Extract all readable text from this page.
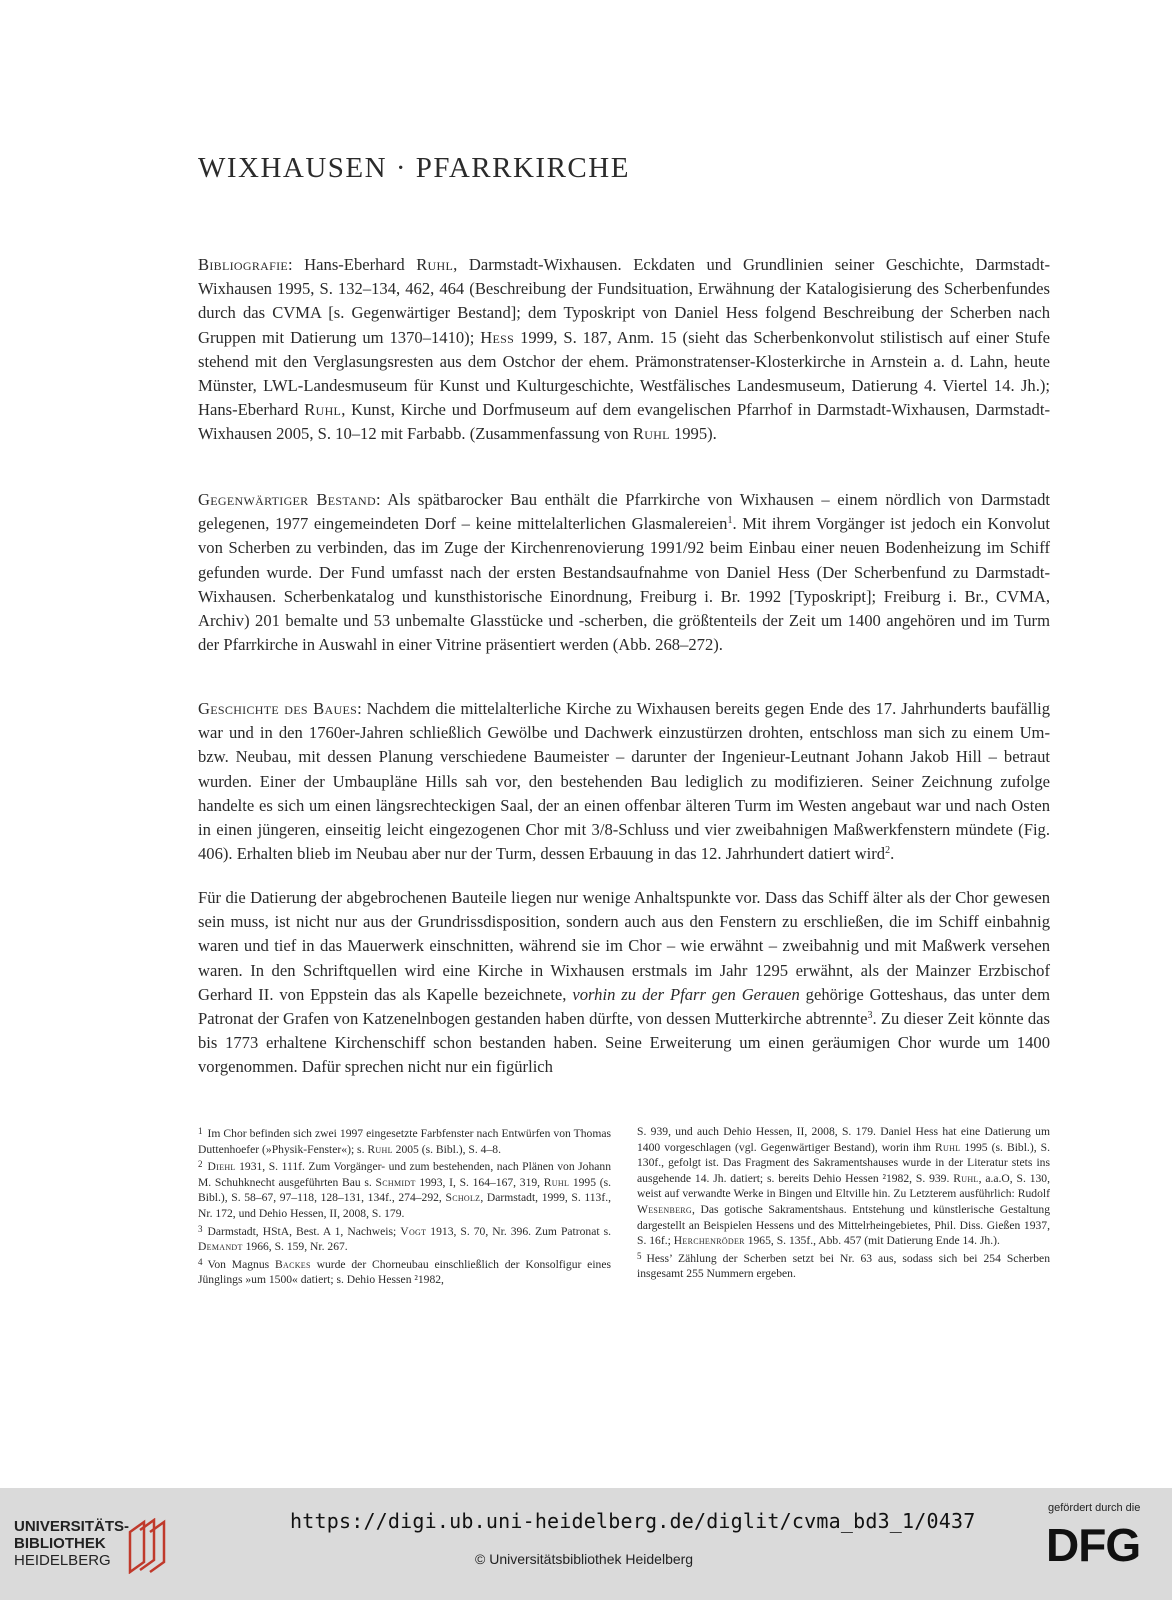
WIXHAUSEN · PFARRKIRCHE

Bibliografie: Hans-Eberhard Ruhl, Darmstadt-Wixhausen. Eckdaten und Grundlinien seiner Geschichte, Darmstadt-Wixhausen 1995, S. 132–134, 462, 464 (Beschreibung der Fundsituation, Erwähnung der Katalogisierung des Scherbenfundes durch das CVMA [s. Gegenwärtiger Bestand]; dem Typoskript von Daniel Hess folgend Beschreibung der Scherben nach Gruppen mit Datierung um 1370–1410); Hess 1999, S. 187, Anm. 15 (sieht das Scherbenkonvolut stilistisch auf einer Stufe stehend mit den Verglasungsresten aus dem Ostchor der ehem. Prämonstratenser-Klosterkirche in Arnstein a. d. Lahn, heute Münster, LWL-Landesmuseum für Kunst und Kulturgeschichte, Westfälisches Landesmuseum, Datierung 4. Viertel 14. Jh.); Hans-Eberhard Ruhl, Kunst, Kirche und Dorfmuseum auf dem evangelischen Pfarrhof in Darmstadt-Wixhausen, Darmstadt-Wixhausen 2005, S. 10–12 mit Farbabb. (Zusammenfassung von Ruhl 1995).

Gegenwärtiger Bestand: Als spätbarocker Bau enthält die Pfarrkirche von Wixhausen – einem nördlich von Darmstadt gelegenen, 1977 eingemeindeten Dorf – keine mittelalterlichen Glasmalereien$^1$. Mit ihrem Vorgänger ist jedoch ein Konvolut von Scherben zu verbinden, das im Zuge der Kirchenrenovierung 1991/92 beim Einbau einer neuen Bodenheizung im Schiff gefunden wurde. Der Fund umfasst nach der ersten Bestandsaufnahme von Daniel Hess (Der Scherbenfund zu Darmstadt-Wixhausen. Scherbenkatalog und kunsthistorische Einordnung, Freiburg i. Br. 1992 [Typoskript]; Freiburg i. Br., CVMA, Archiv) 201 bemalte und 53 unbemalte Glasstücke und -scherben, die größtenteils der Zeit um 1400 angehören und im Turm der Pfarrkirche in Auswahl in einer Vitrine präsentiert werden (Abb. 268–272).

Geschichte des Baues: Nachdem die mittelalterliche Kirche zu Wixhausen bereits gegen Ende des 17. Jahrhunderts baufällig war und in den 1760er-Jahren schließlich Gewölbe und Dachwerk einzustürzen drohten, entschloss man sich zu einem Um- bzw. Neubau, mit dessen Planung verschiedene Baumeister – darunter der Ingenieur-Leutnant Johann Jakob Hill – betraut wurden. Einer der Umbaupläne Hills sah vor, den bestehenden Bau lediglich zu modifizieren. Seiner Zeichnung zufolge handelte es sich um einen längsrechteckigen Saal, der an einen offenbar älteren Turm im Westen angebaut war und nach Osten in einen jüngeren, einseitig leicht eingezogenen Chor mit 3/8-Schluss und vier zweibahnigen Maßwerkfenstern mündete (Fig. 406). Erhalten blieb im Neubau aber nur der Turm, dessen Erbauung in das 12. Jahrhundert datiert wird$^2$.

Für die Datierung der abgebrochenen Bauteile liegen nur wenige Anhaltspunkte vor. Dass das Schiff älter als der Chor gewesen sein muss, ist nicht nur aus der Grundrissdisposition, sondern auch aus den Fenstern zu erschließen, die im Schiff einbahnig waren und tief in das Mauerwerk einschnitten, während sie im Chor – wie erwähnt – zweibahnig und mit Maßwerk versehen waren. In den Schriftquellen wird eine Kirche in Wixhausen erstmals im Jahr 1295 erwähnt, als der Mainzer Erzbischof Gerhard II. von Eppstein das als Kapelle bezeichnete, vorhin zu der Pfarr gen Gerauen gehörige Gotteshaus, das unter dem Patronat der Grafen von Katzenelnbogen gestanden haben dürfte, von dessen Mutterkirche abtrennte$^3$. Zu dieser Zeit könnte das bis 1773 erhaltene Kirchenschiff schon bestanden haben. Seine Erweiterung um einen geräumigen Chor wurde um 1400 vorgenommen. Dafür sprechen nicht nur ein figürlich

$^1$ Im Chor befinden sich zwei 1997 eingesetzte Farbfenster nach Entwürfen von Thomas Duttenhoefer (»Physik-Fenster«); s. Ruhl 2005 (s. Bibl.), S. 4–8.

$^2$ Diehl 1931, S. 111f. Zum Vorgänger- und zum bestehenden, nach Plänen von Johann M. Schuhknecht ausgeführten Bau s. Schmidt 1993, I, S. 164–167, 319, Ruhl 1995 (s. Bibl.), S. 58–67, 97–118, 128–131, 134f., 274–292, Scholz, Darmstadt, 1999, S. 113f., Nr. 172, und Dehio Hessen, II, 2008, S. 179.

$^3$ Darmstadt, HStA, Best. A 1, Nachweis; Vogt 1913, S. 70, Nr. 396. Zum Patronat s. Demandt 1966, S. 159, Nr. 267.

$^4$ Von Magnus Backes wurde der Chorneubau einschließlich der Konsolfigur eines Jünglings »um 1500« datiert; s. Dehio Hessen ²1982,

S. 939, und auch Dehio Hessen, II, 2008, S. 179. Daniel Hess hat eine Datierung um 1400 vorgeschlagen (vgl. Gegenwärtiger Bestand), worin ihm Ruhl 1995 (s. Bibl.), S. 130f., gefolgt ist. Das Fragment des Sakramentshauses wurde in der Literatur stets ins ausgehende 14. Jh. datiert; s. bereits Dehio Hessen ²1982, S. 939. Ruhl, a.a.O, S. 130, weist auf verwandte Werke in Bingen und Eltville hin. Zu Letzterem ausführlich: Rudolf Wesenberg, Das gotische Sakramentshaus. Entstehung und künstlerische Gestaltung dargestellt an Beispielen Hessens und des Mittelrheingebietes, Phil. Diss. Gießen 1937, S. 16f.; Herchenröder 1965, S. 135f., Abb. 457 (mit Datierung Ende 14. Jh.).

$^5$ Hess’ Zählung der Scherben setzt bei Nr. 63 aus, sodass sich bei 254 Scherben insgesamt 255 Nummern ergeben.

UNIVERSITÄTS-
BIBLIOTHEK
HEIDELBERG
https://digi.ub.uni-heidelberg.de/diglit/cvma_bd3_1/0437
© Universitätsbibliothek Heidelberg
gefördert durch die
DFG
